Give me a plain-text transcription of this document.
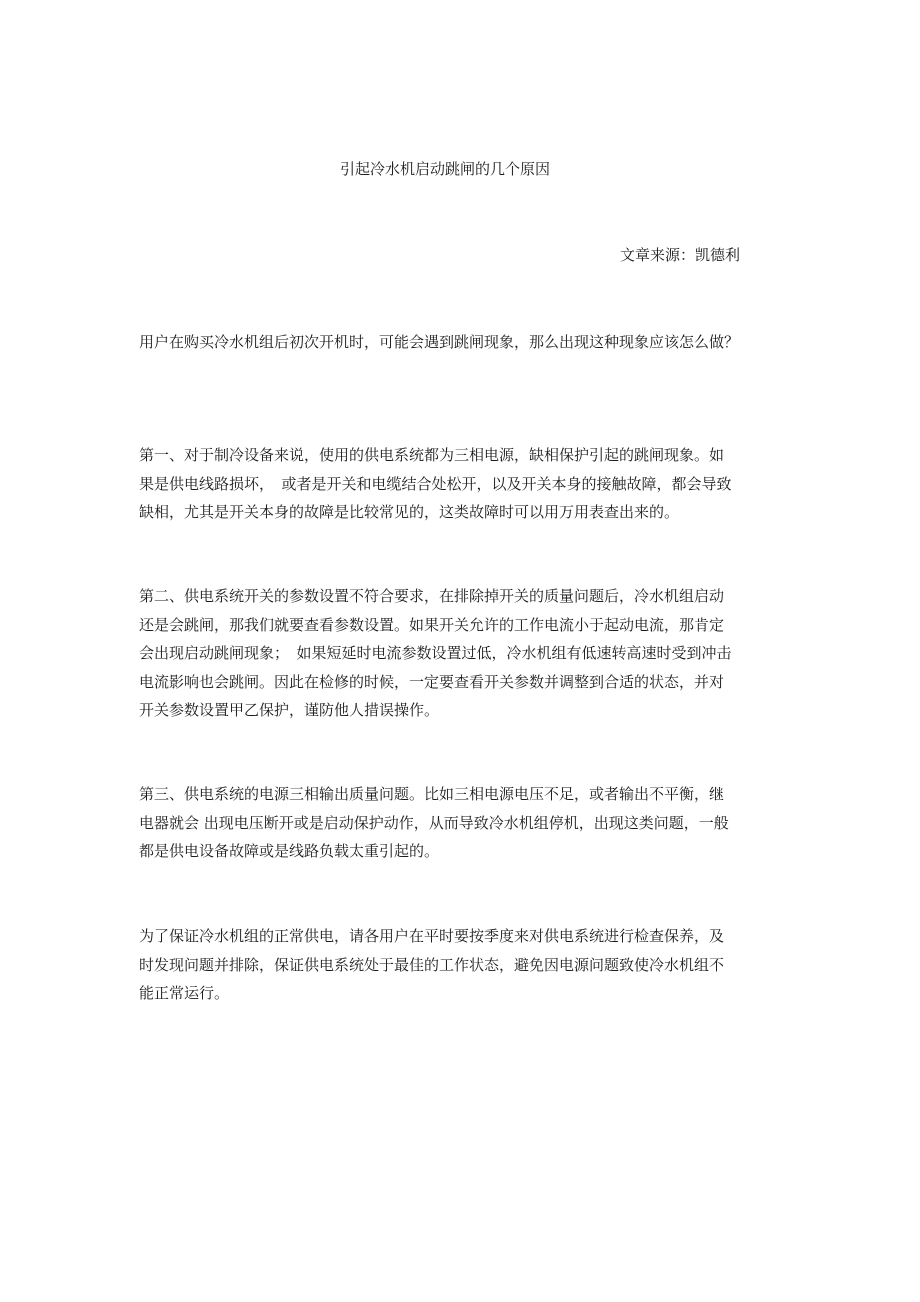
引起冷水机启动跳闸的几个原因
文章来源：凯德利

用户在购买冷水机组后初次开机时，可能会遇到跳闸现象，那么出现这种现象应该怎么做？

第一、对于制冷设备来说，使用的供电系统都为三相电源，缺相保护引起的跳闸现象。如
果是供电线路损坏，　或者是开关和电缆结合处松开，以及开关本身的接触故障，都会导致
缺相，尤其是开关本身的故障是比较常见的，这类故障时可以用万用表查出来的。

第二、供电系统开关的参数设置不符合要求，在排除掉开关的质量问题后，冷水机组启动
还是会跳闸，那我们就要查看参数设置。如果开关允许的工作电流小于起动电流，那肯定
会出现启动跳闸现象；　如果短延时电流参数设置过低，冷水机组有低速转高速时受到冲击
电流影响也会跳闸。因此在检修的时候，一定要查看开关参数并调整到合适的状态，并对
开关参数设置甲乙保护，谨防他人措误操作。

第三、供电系统的电源三相输出质量问题。比如三相电源电压不足，或者输出不平衡，继
电器就会 出现电压断开或是启动保护动作，从而导致冷水机组停机，出现这类问题，一般
都是供电设备故障或是线路负载太重引起的。

为了保证冷水机组的正常供电，请各用户在平时要按季度来对供电系统进行检查保养，及
时发现问题并排除，保证供电系统处于最佳的工作状态，避免因电源问题致使冷水机组不
能正常运行。
